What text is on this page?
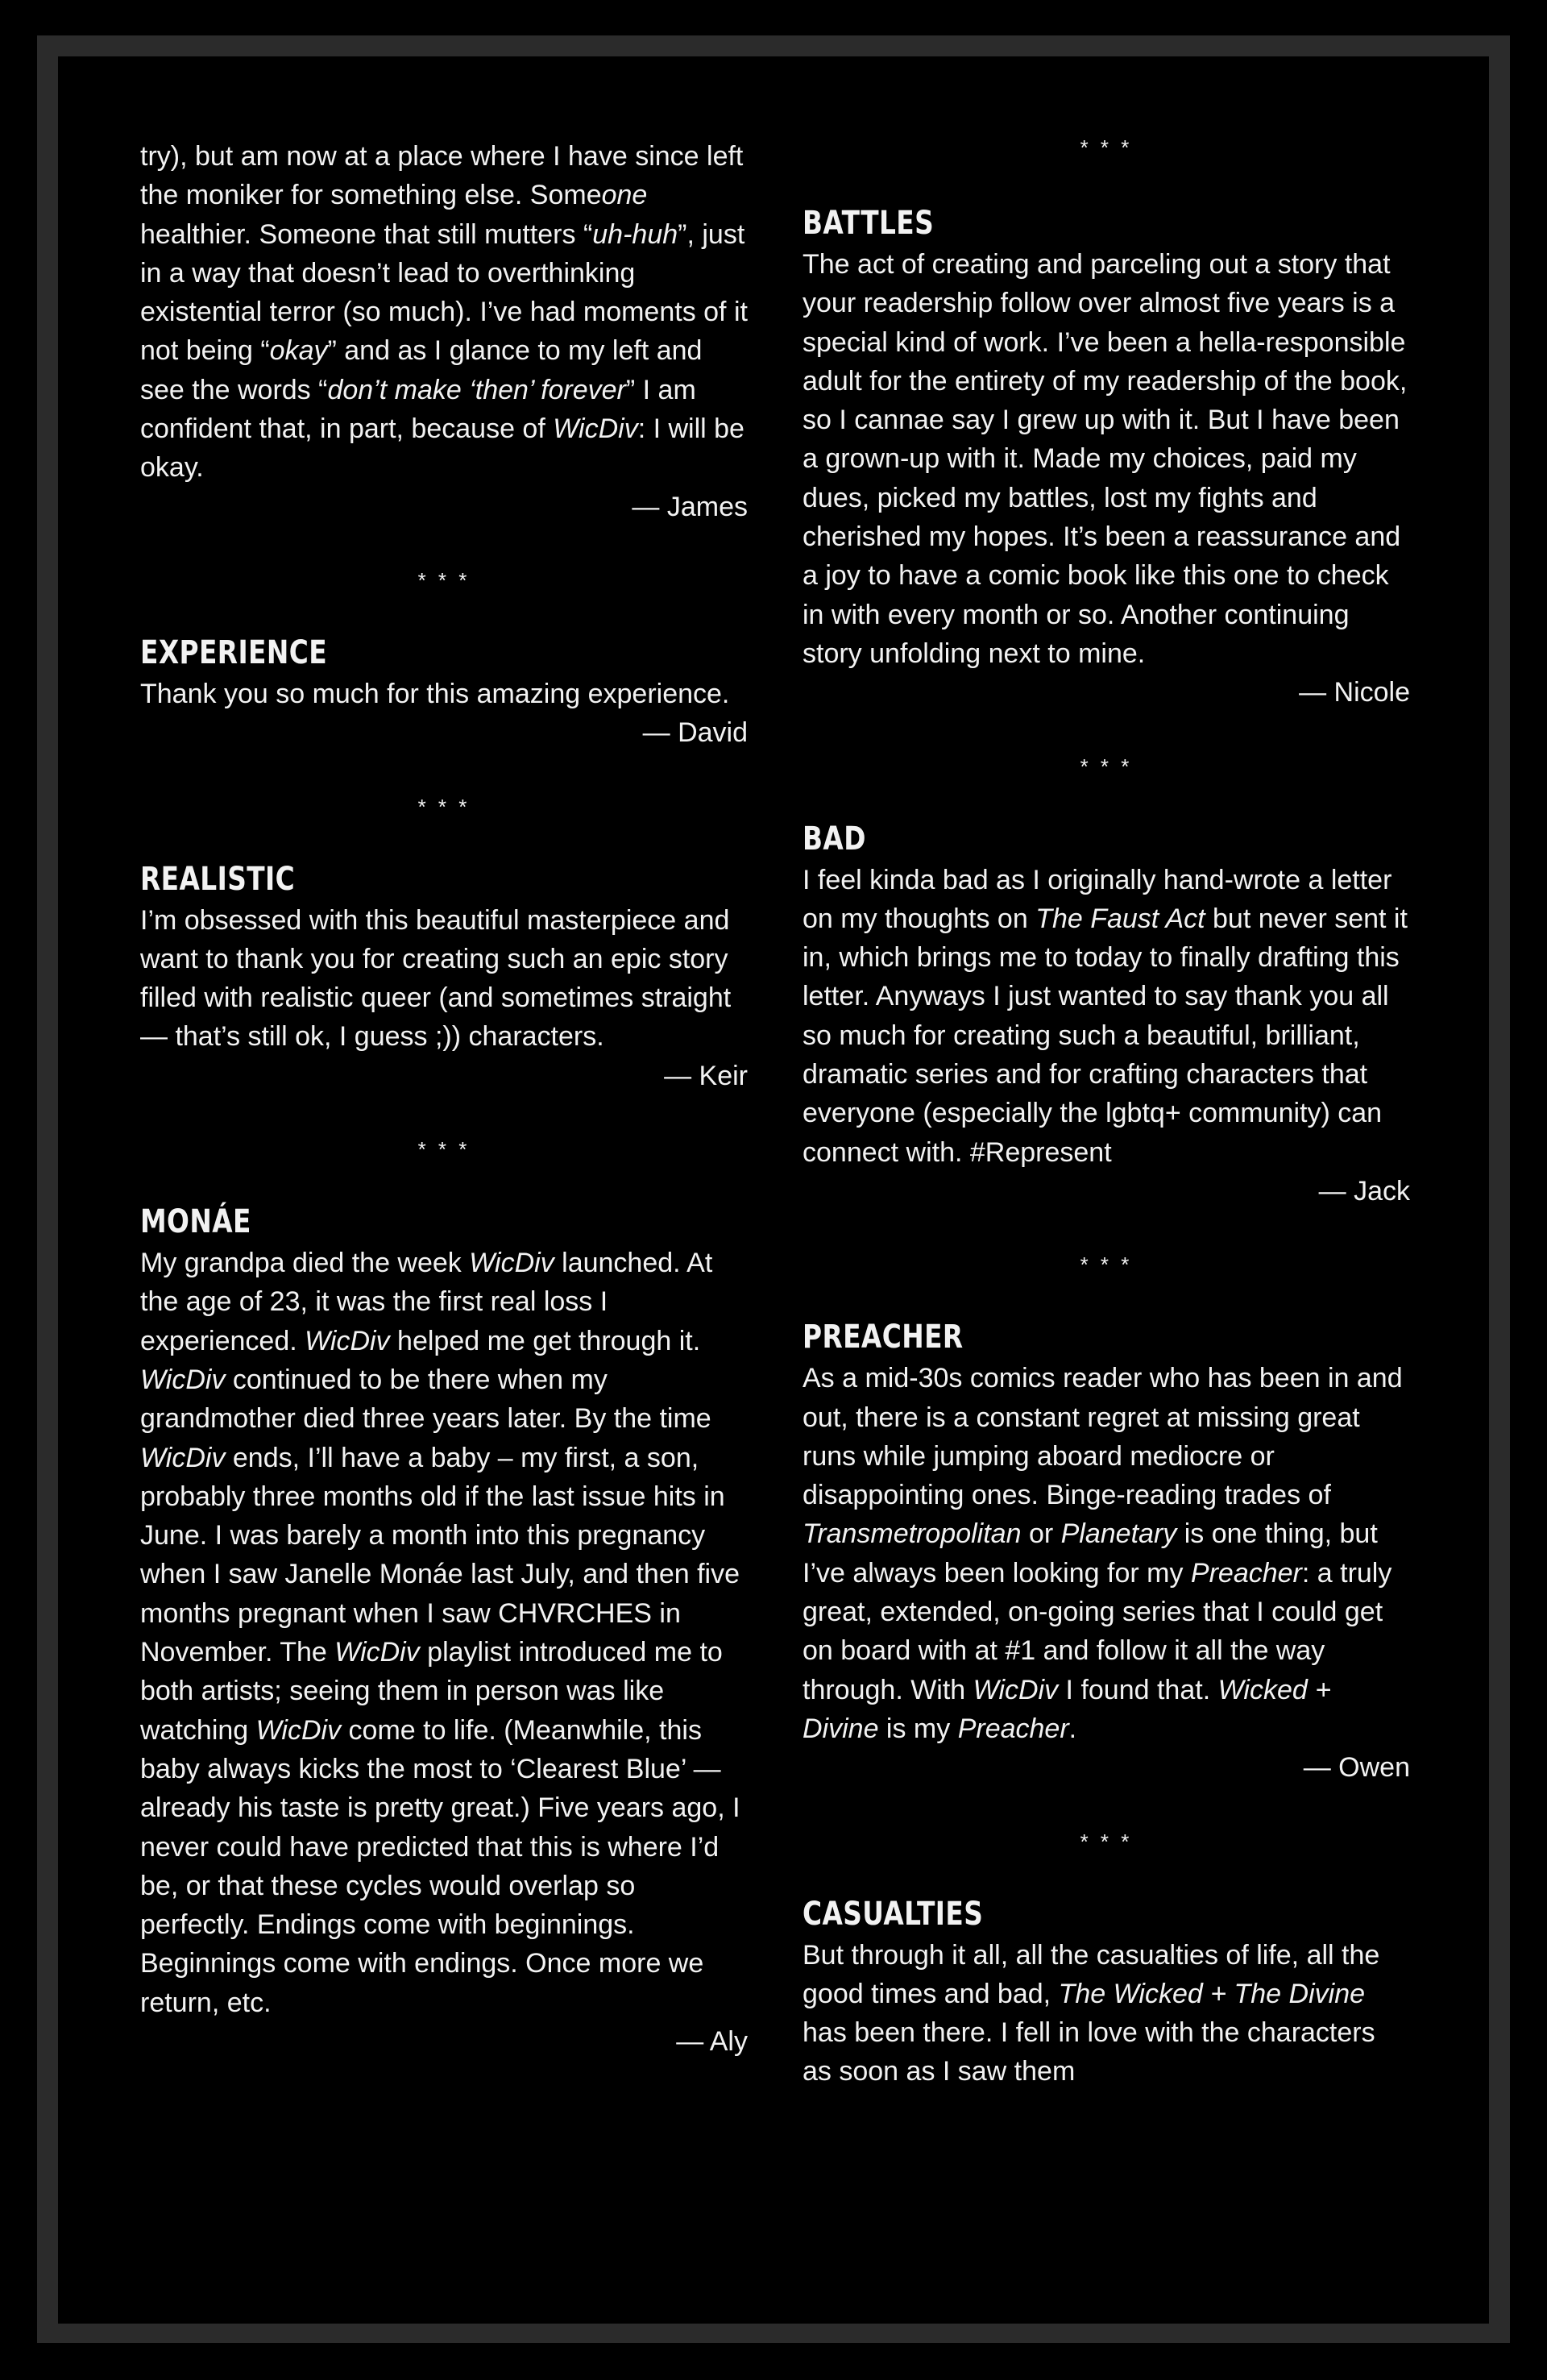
try), but am now at a place where I have since left the moniker for something else. Someone healthier. Someone that still mutters “uh-huh”, just in a way that doesn’t lead to overthinking existential terror (so much). I’ve had moments of it not being “okay” and as I glance to my left and see the words “don’t make ‘then’ forever” I am confident that, in part, because of WicDiv: I will be okay.

— James

* * *
EXPERIENCE

Thank you so much for this amazing experience.

— David

* * *
REALISTIC

I’m obsessed with this beautiful masterpiece and want to thank you for creating such an epic story filled with realistic queer (and sometimes straight — that’s still ok, I guess ;)) characters.

— Keir

* * *
MONÁE

My grandpa died the week WicDiv launched. At the age of 23, it was the first real loss I experienced. WicDiv helped me get through it. WicDiv continued to be there when my grandmother died three years later. By the time WicDiv ends, I’ll have a baby – my first, a son, probably three months old if the last issue hits in June. I was barely a month into this pregnancy when I saw Janelle Monáe last July, and then five months pregnant when I saw CHVRCHES in November. The WicDiv playlist introduced me to both artists; seeing them in person was like watching WicDiv come to life. (Meanwhile, this baby always kicks the most to ‘Clearest Blue’ — already his taste is pretty great.) Five years ago, I never could have predicted that this is where I’d be, or that these cycles would overlap so perfectly. Endings come with beginnings. Beginnings come with endings. Once more we return, etc.

— Aly

* * *
BATTLES

The act of creating and parceling out a story that your readership follow over almost five years is a special kind of work. I’ve been a hella-responsible adult for the entirety of my readership of the book, so I cannae say I grew up with it. But I have been a grown-up with it. Made my choices, paid my dues, picked my battles, lost my fights and cherished my hopes. It’s been a reassurance and a joy to have a comic book like this one to check in with every month or so. Another continuing story unfolding next to mine.

— Nicole

* * *
BAD

I feel kinda bad as I originally hand-wrote a letter on my thoughts on The Faust Act but never sent it in, which brings me to today to finally drafting this letter. Anyways I just wanted to say thank you all so much for creating such a beautiful, brilliant, dramatic series and for crafting characters that everyone (especially the lgbtq+ community) can connect with. #Represent

— Jack

* * *
PREACHER

As a mid-30s comics reader who has been in and out, there is a constant regret at missing great runs while jumping aboard mediocre or disappointing ones. Binge-reading trades of Transmetropolitan or Planetary is one thing, but I’ve always been looking for my Preacher: a truly great, extended, on-going series that I could get on board with at #1 and follow it all the way through. With WicDiv I found that. Wicked + Divine is my Preacher.

— Owen

* * *
CASUALTIES

But through it all, all the casualties of life, all the good times and bad, The Wicked + The Divine has been there. I fell in love with the characters as soon as I saw them
